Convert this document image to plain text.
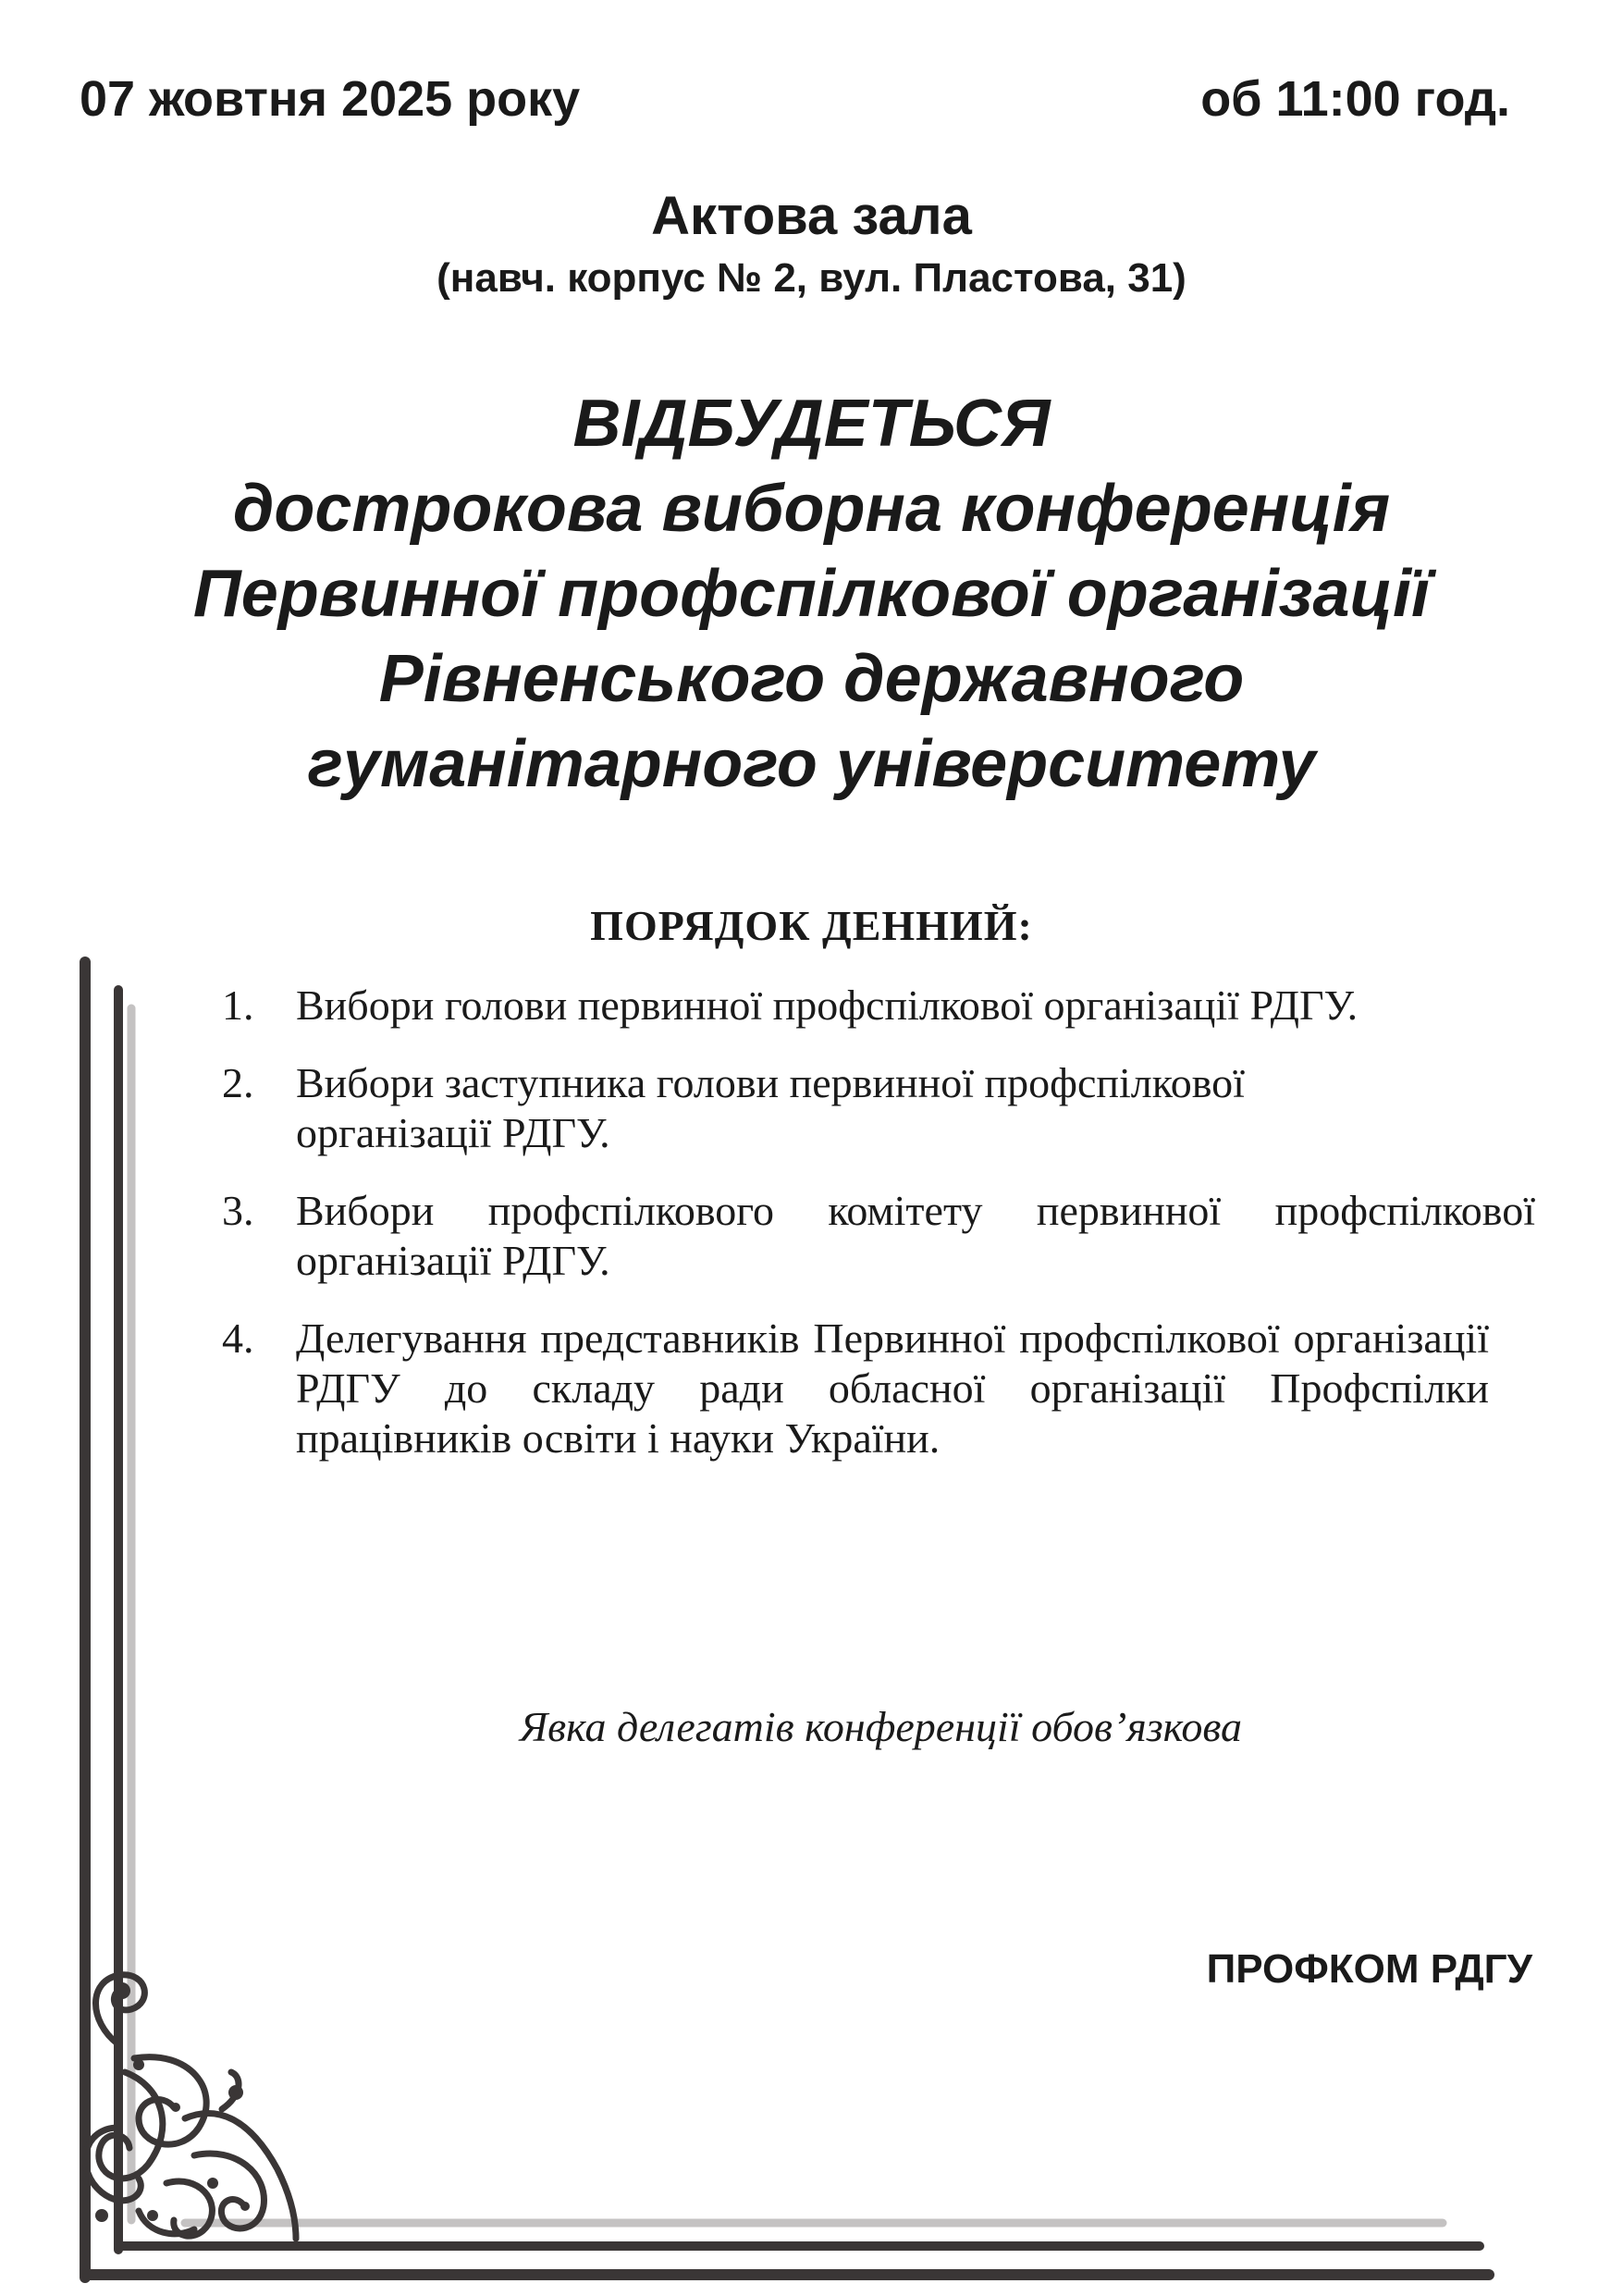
07 жовтня 2025 року	об 11:00 год.
Актова зала
(навч. корпус № 2, вул. Пластова, 31)
ВІДБУДЕТЬСЯ
дострокова виборна конференція
Первинної профспілкової організації
Рівненського державного
гуманітарного університету
ПОРЯДОК ДЕННИЙ:
1. Вибори голови первинної профспілкової організації РДГУ.
2. Вибори заступника голови первинної профспілкової організації РДГУ.
3. Вибори профспілкового комітету первинної профспілкової організації РДГУ.
4. Делегування представників Первинної профспілкової організації РДГУ до складу ради обласної організації Профспілки працівників освіти і науки України.
Явка делегатів конференції обов’язкова
ПРОФКОМ РДГУ
